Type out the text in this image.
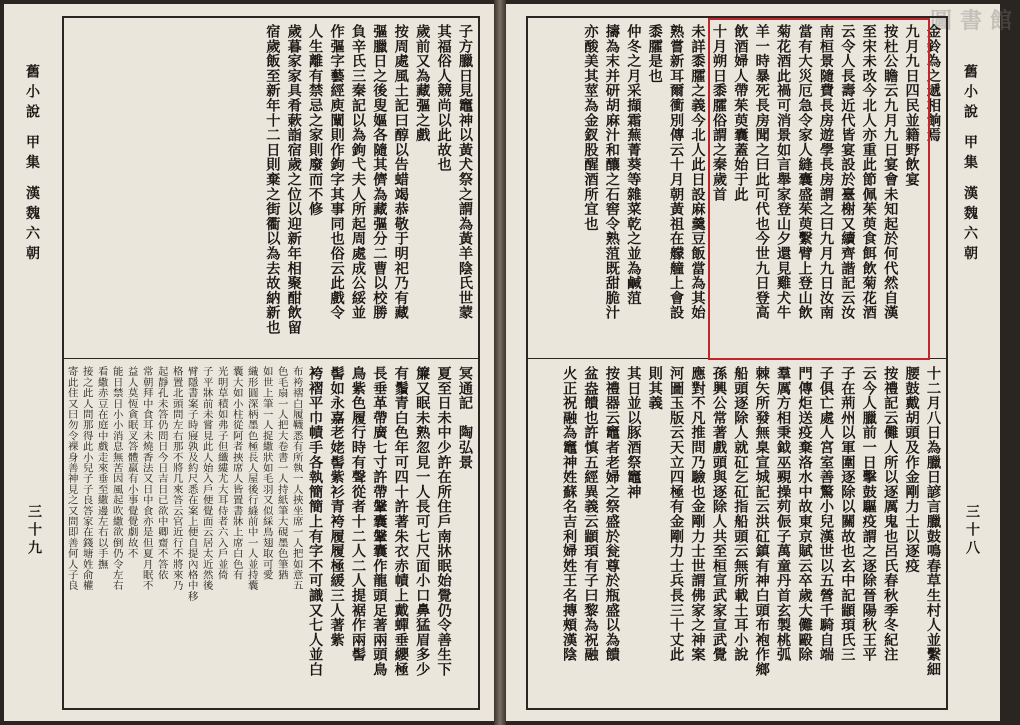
舊小說 甲集 漢魏六朝
三十九
子方臘日見竈神以黃犬祭之謂為黃羊陰氏世蒙
其福俗人競尚以此故也
歲前又為藏彄之戲
按周處風土記曰醇以告蜡竭恭敬于明祀乃有藏
彄臘日之後叟嫗各隨其儕為藏彄分二曹以校勝
負辛氏三秦記以為鉤弋夫人所起周處成公綏並
作彄字藝經庾闡則作鉤字其事同也俗云此戲令
人生離有禁忌之家則廢而不修
歲暮家家具肴蔌詣宿歲之位以迎新年相聚酣飲留
宿歲飯至新年十二日則棄之街衢以為去故納新也
冥通記　陶弘景
夏至日未中少許在所住戶南牀眠始覺仍令善生下
簾又眠未熟忽見一人長可七尺面小口鼻猛眉多少
有鬚青白色年可四十許著朱衣赤幘上戴蟬垂纓極
長垂革帶廣七寸許帶鞶囊鞶囊作龍頭足著兩頭鳥
鳥紫色履行時有聲從者十二人二人提裾作兩髻
髻如永嘉老姥髻紫衫青袴履履極緩三人著紫
袴褶平巾幘手各執簡簡上有字不可識又七人並白
布袴褶白履韈悉有所執一人挾坐席一人把如意五
色毛扇一人把大卷書一人持紙筆大硯墨色筆猶
如世上筆一人捉繖狀如毛羽又似綵鳥翅取可愛
織形圓深柄墨色極長人屋後行縫前中一人並持囊
囊大如小柱從阿者挾席人皆置書牀上席白色有
光明草積如弗子但纖縷尤大耳侍者六入戶並倚
子平牀前未嘗見此人始入戶便覺面云居太近然後
臂隱書案子時寢孰及約尺悉在案上便自提內格中移
格置北頭問左右那不將几來答云官近行不將來乃
起靜孔未答仍問日今日吉日已欲中卿齋不答依
常朝拜中食耳未燒香法又日中食亦是但夏月眠不
益人莫恆貪眠叉答體羸有小事覺覺劇故不
能日禁日小小消息無苦因風起吹繖欲倒仍令左右
看繖赤豆在庭中戲走來垂至繖邊左右以手撫
接之此人問那得此小兒子子良答家在錢塘姓俞權
寄此住又曰勿令裸身善神見之又問即善何人子良
圖書館
舊小說 甲集 漢魏六朝
三十八
金鈴為之遞相餉焉
九月九日四民並籍野飲宴
按杜公瞻云九月九日宴會未知起於何代然自漢
至宋未改今北人亦重此節佩茱萸食餌飲菊花酒
云令人長壽近代皆宴設於臺榭又續齊諧記云汝
南桓景隨費長房遊學長房謂之曰九月九日汝南
當有大災厄急令家人縫囊盛茱萸繫臂上登山飲
菊花酒此禍可消景如言舉家登山夕還見雞犬牛
羊一時暴死長房聞之曰此可代也今世九日登高
飲酒婦人帶茱萸囊蓋始于此
十月朔日黍臛俗謂之秦歲首
未詳黍臛之義今北人此日設麻羹豆飯當為其始
熟嘗新耳爾衝別傳云十月朝黃祖在艨艟上會設
黍臛是也
仲冬之月采擷霜蕪菁葵等雜菜乾之並為鹹菹
擣為末并研胡麻汁和釀之石窖令熟菹既甜脆汁
亦酸美其莖為金釵股醒酒所宜也
十二月八日為臘日諺言臘鼓鳴春草生村人並繫細
腰鼓戴胡頭及作金剛力士以逐疫
按禮記云儺人所以逐厲鬼也呂氏春秋季冬紀注
云今人臘前一日擊鼓驅疫謂之逐除晉陽秋王平
子在荊州以軍圍逐除以關故也玄中記顓頊氏三
子俱亡處人宮室善驚小兒漢世以五營千騎自端
門傳炬送疫棄洛水中故東京賦云卒歲大儺毆除
羣厲方相秉鉞巫覡操茢侲子萬童丹首玄製桃弧
棘矢所發無臬宣城記云洪矼鎮有神白頭布袍作鄉
船頭逐除人就矼乞矼指船頭云無所載土耳小說
孫興公常著戲頭與逐除人共至桓宣武家宣武覺
應對不凡推問乃驗也金剛力士世謂佛家之神案
河圖玉版云天立四極有金剛力士兵長三十丈此
則其義
其日並以豚酒祭竈神
按禮器云竈者老婦之祭盛於瓮尊於瓶盛以為饋
盆盎饋也許慎五經異義云顓頊有子曰黎為祝融
火正祝融為竈神姓蘇名吉利婦姓王名摶頰漢陰
